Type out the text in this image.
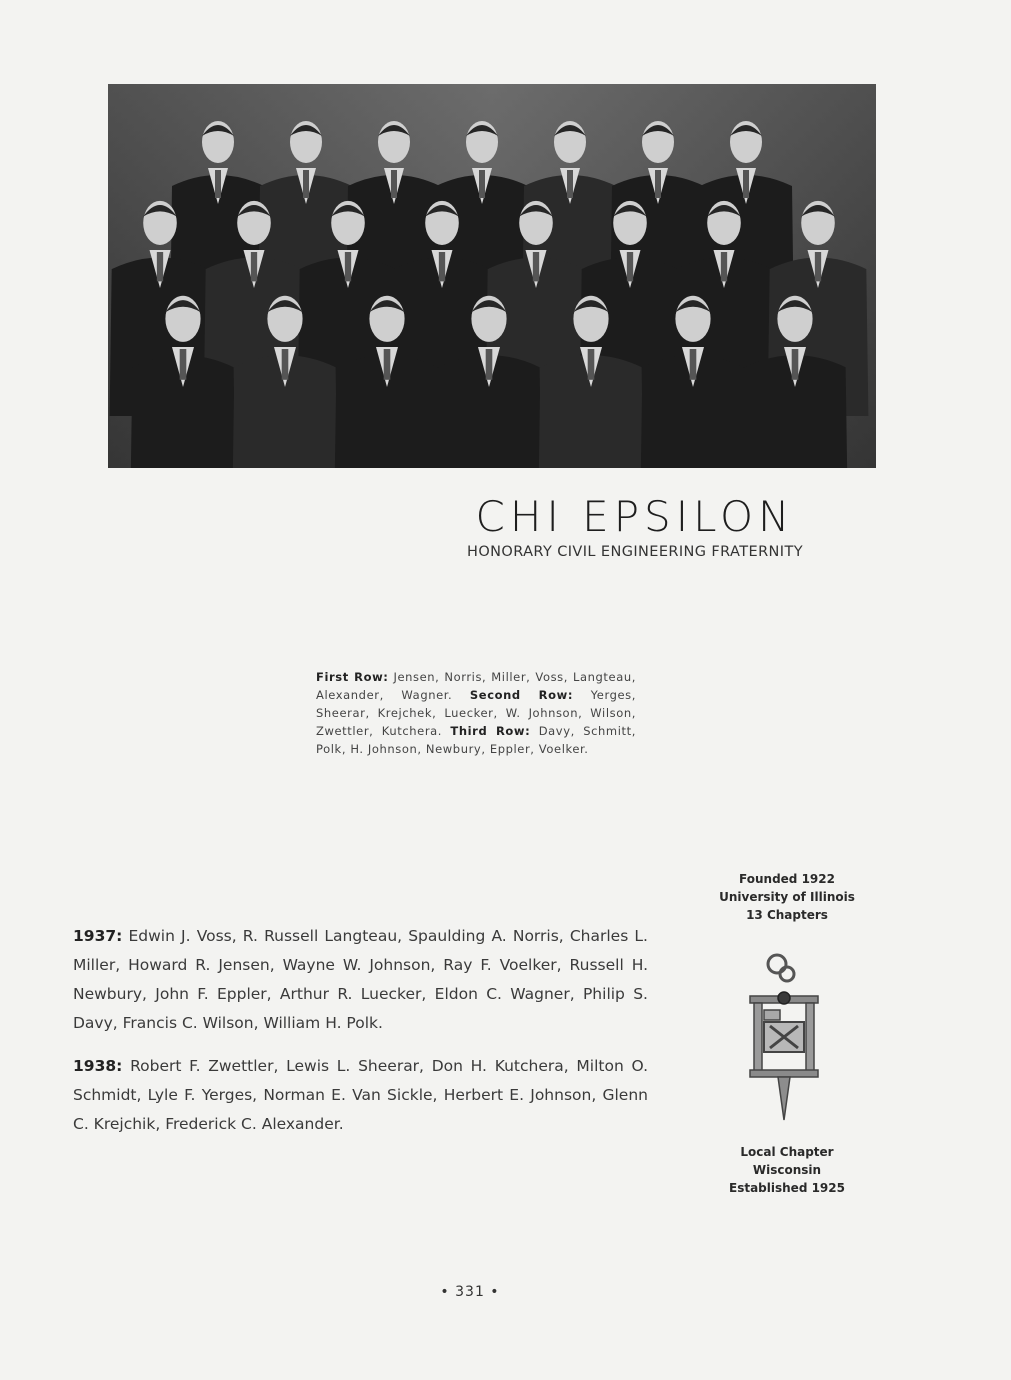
CHI EPSILON
HONORARY CIVIL ENGINEERING FRATERNITY
First Row: Jensen, Norris, Miller, Voss, Langteau, Alexander, Wagner. Second Row: Yerges, Sheerar, Krejchek, Luecker, W. Johnson, Wilson, Zwettler, Kutchera. Third Row: Davy, Schmitt, Polk, H. Johnson, Newbury, Eppler, Voelker.
1937: Edwin J. Voss, R. Russell Langteau, Spaulding A. Norris, Charles L. Miller, Howard R. Jensen, Wayne W. Johnson, Ray F. Voelker, Russell H. Newbury, John F. Eppler, Arthur R. Luecker, Eldon C. Wagner, Philip S. Davy, Francis C. Wilson, William H. Polk.
1938: Robert F. Zwettler, Lewis L. Sheerar, Don H. Kutchera, Milton O. Schmidt, Lyle F. Yerges, Norman E. Van Sickle, Herbert E. Johnson, Glenn C. Krejchik, Frederick C. Alexander.
Founded 1922
University of Illinois
13 Chapters
Local Chapter
Wisconsin
Established 1925
• 331 •
